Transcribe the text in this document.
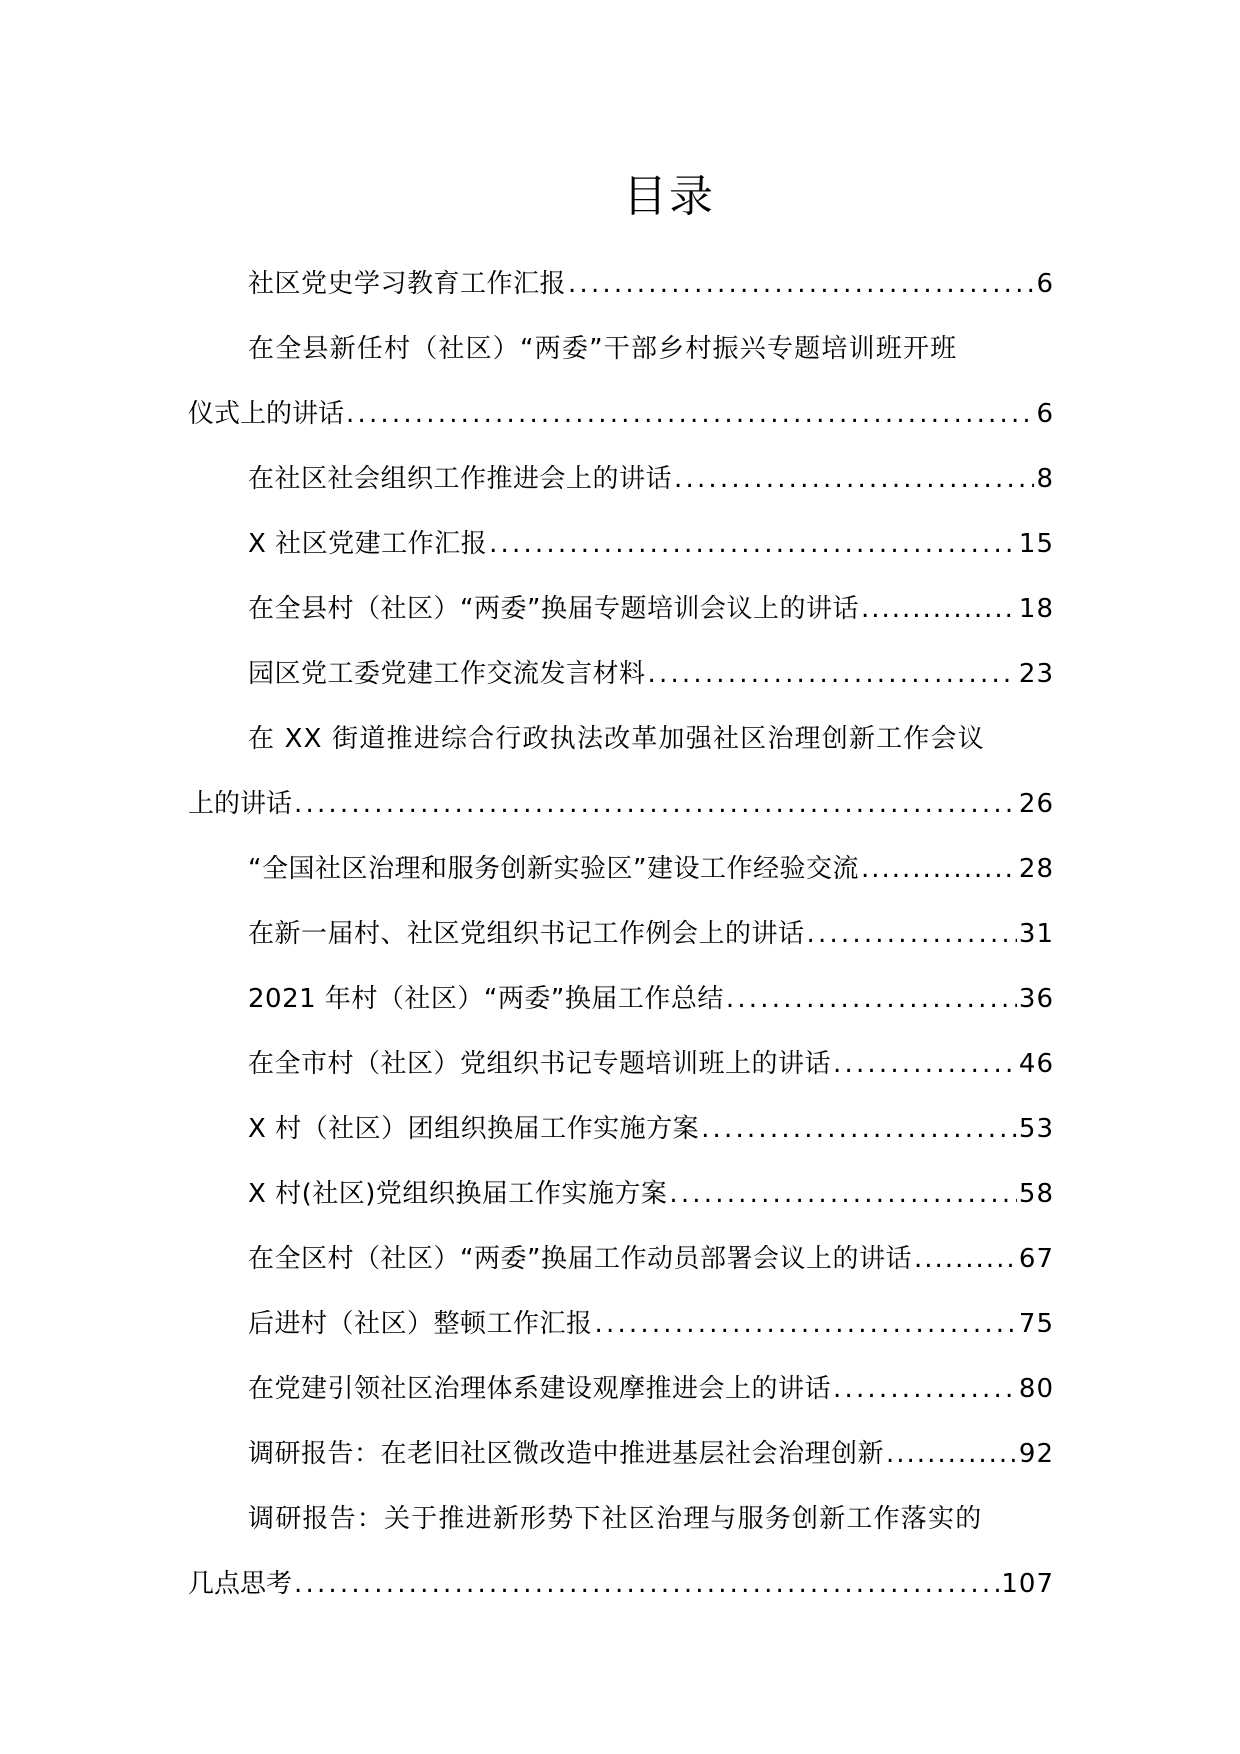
目录
社区党史学习教育工作汇报 .....	6
在全县新任村（社区）“两委”干部乡村振兴专题培训班开班
仪式上的讲话 .....	6
在社区社会组织工作推进会上的讲话 .....	8
X 社区党建工作汇报 .....	15
在全县村（社区）“两委”换届专题培训会议上的讲话 .....	18
园区党工委党建工作交流发言材料 .....	23
在 XX 街道推进综合行政执法改革加强社区治理创新工作会议
上的讲话 .....	26
“全国社区治理和服务创新实验区”建设工作经验交流 .....	28
在新一届村、社区党组织书记工作例会上的讲话 .....	31
2021 年村（社区）“两委”换届工作总结 .....	36
在全市村（社区）党组织书记专题培训班上的讲话 .....	46
X 村（社区）团组织换届工作实施方案 .....	53
X 村(社区)党组织换届工作实施方案 .....	58
在全区村（社区）“两委”换届工作动员部署会议上的讲话 .....	67
后进村（社区）整顿工作汇报 .....	75
在党建引领社区治理体系建设观摩推进会上的讲话 .....	80
调研报告：在老旧社区微改造中推进基层社会治理创新 .....	92
调研报告：关于推进新形势下社区治理与服务创新工作落实的
几点思考 .....	107
